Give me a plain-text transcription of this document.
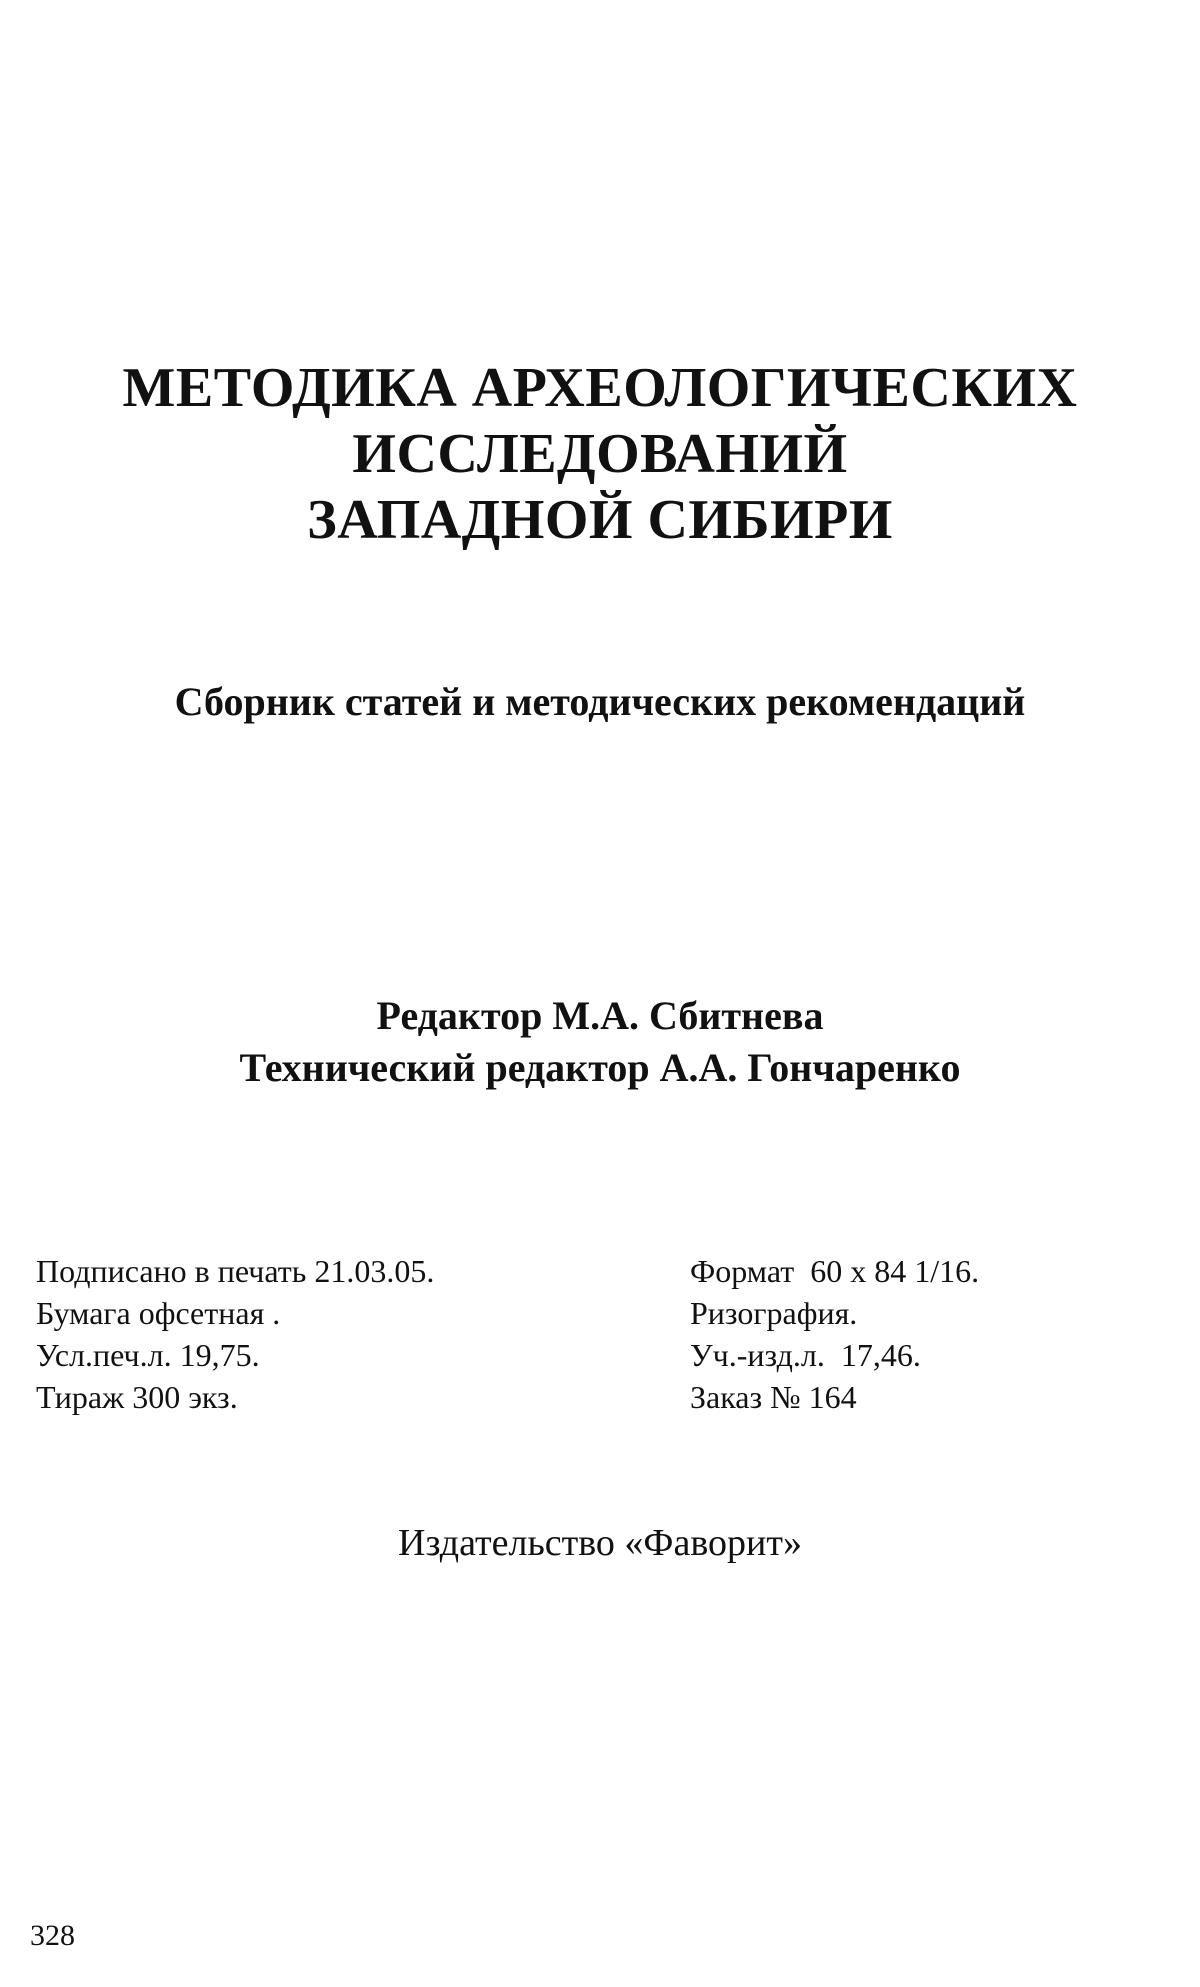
МЕТОДИКА АРХЕОЛОГИЧЕСКИХ
ИССЛЕДОВАНИЙ
ЗАПАДНОЙ СИБИРИ
Сборник статей и методических рекомендаций
Редактор М.А. Сбитнева
Технический редактор А.А. Гончаренко
Подписано в печать 21.03.05.
Бумага офсетная .
Усл.печ.л. 19,75.
Тираж 300 экз.
Формат  60 х 84 1/16.
Ризография.
Уч.-изд.л.  17,46.
Заказ № 164
Издательство «Фаворит»
328
